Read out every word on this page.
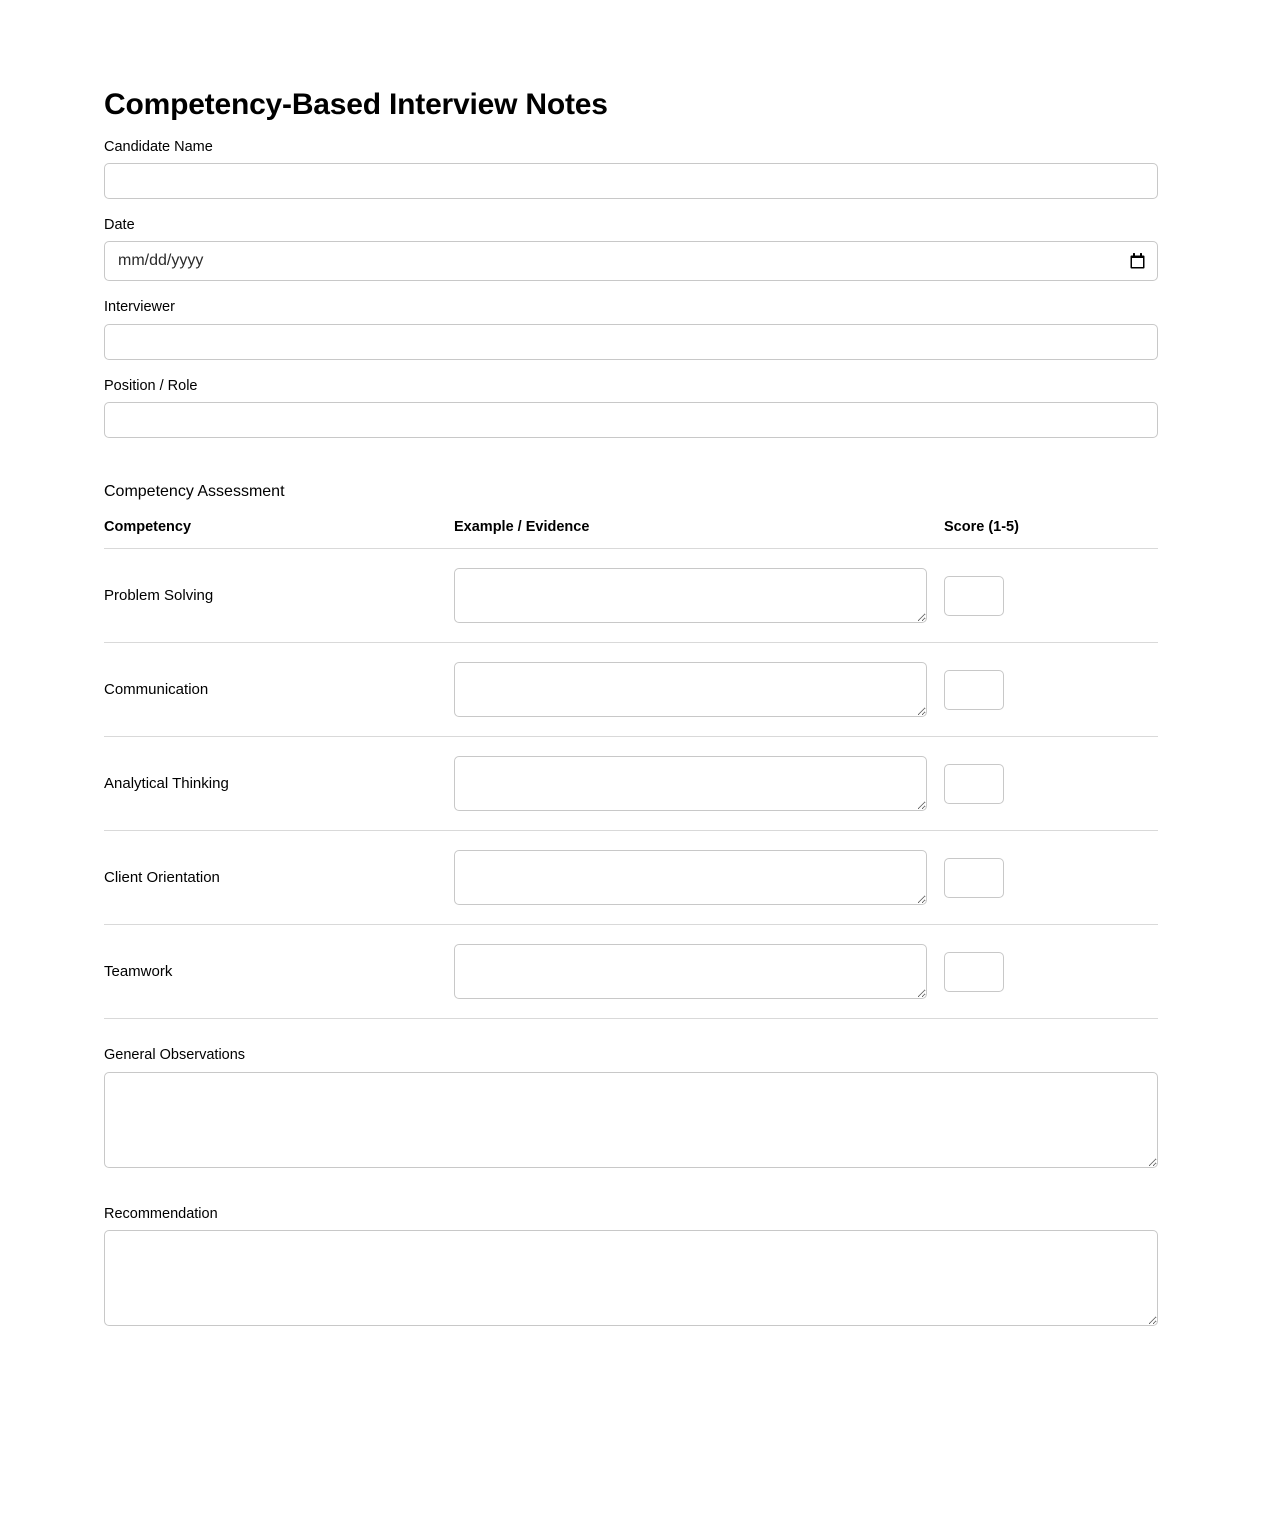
Competency-Based Interview Notes
Candidate Name
Date
mm/dd/yyyy
Interviewer
Position / Role
Competency Assessment
Competency	Example / Evidence	Score (1-5)
Problem Solving	

Communication	

Analytical Thinking	

Client Orientation	

Teamwork	

General Observations
Recommendation
